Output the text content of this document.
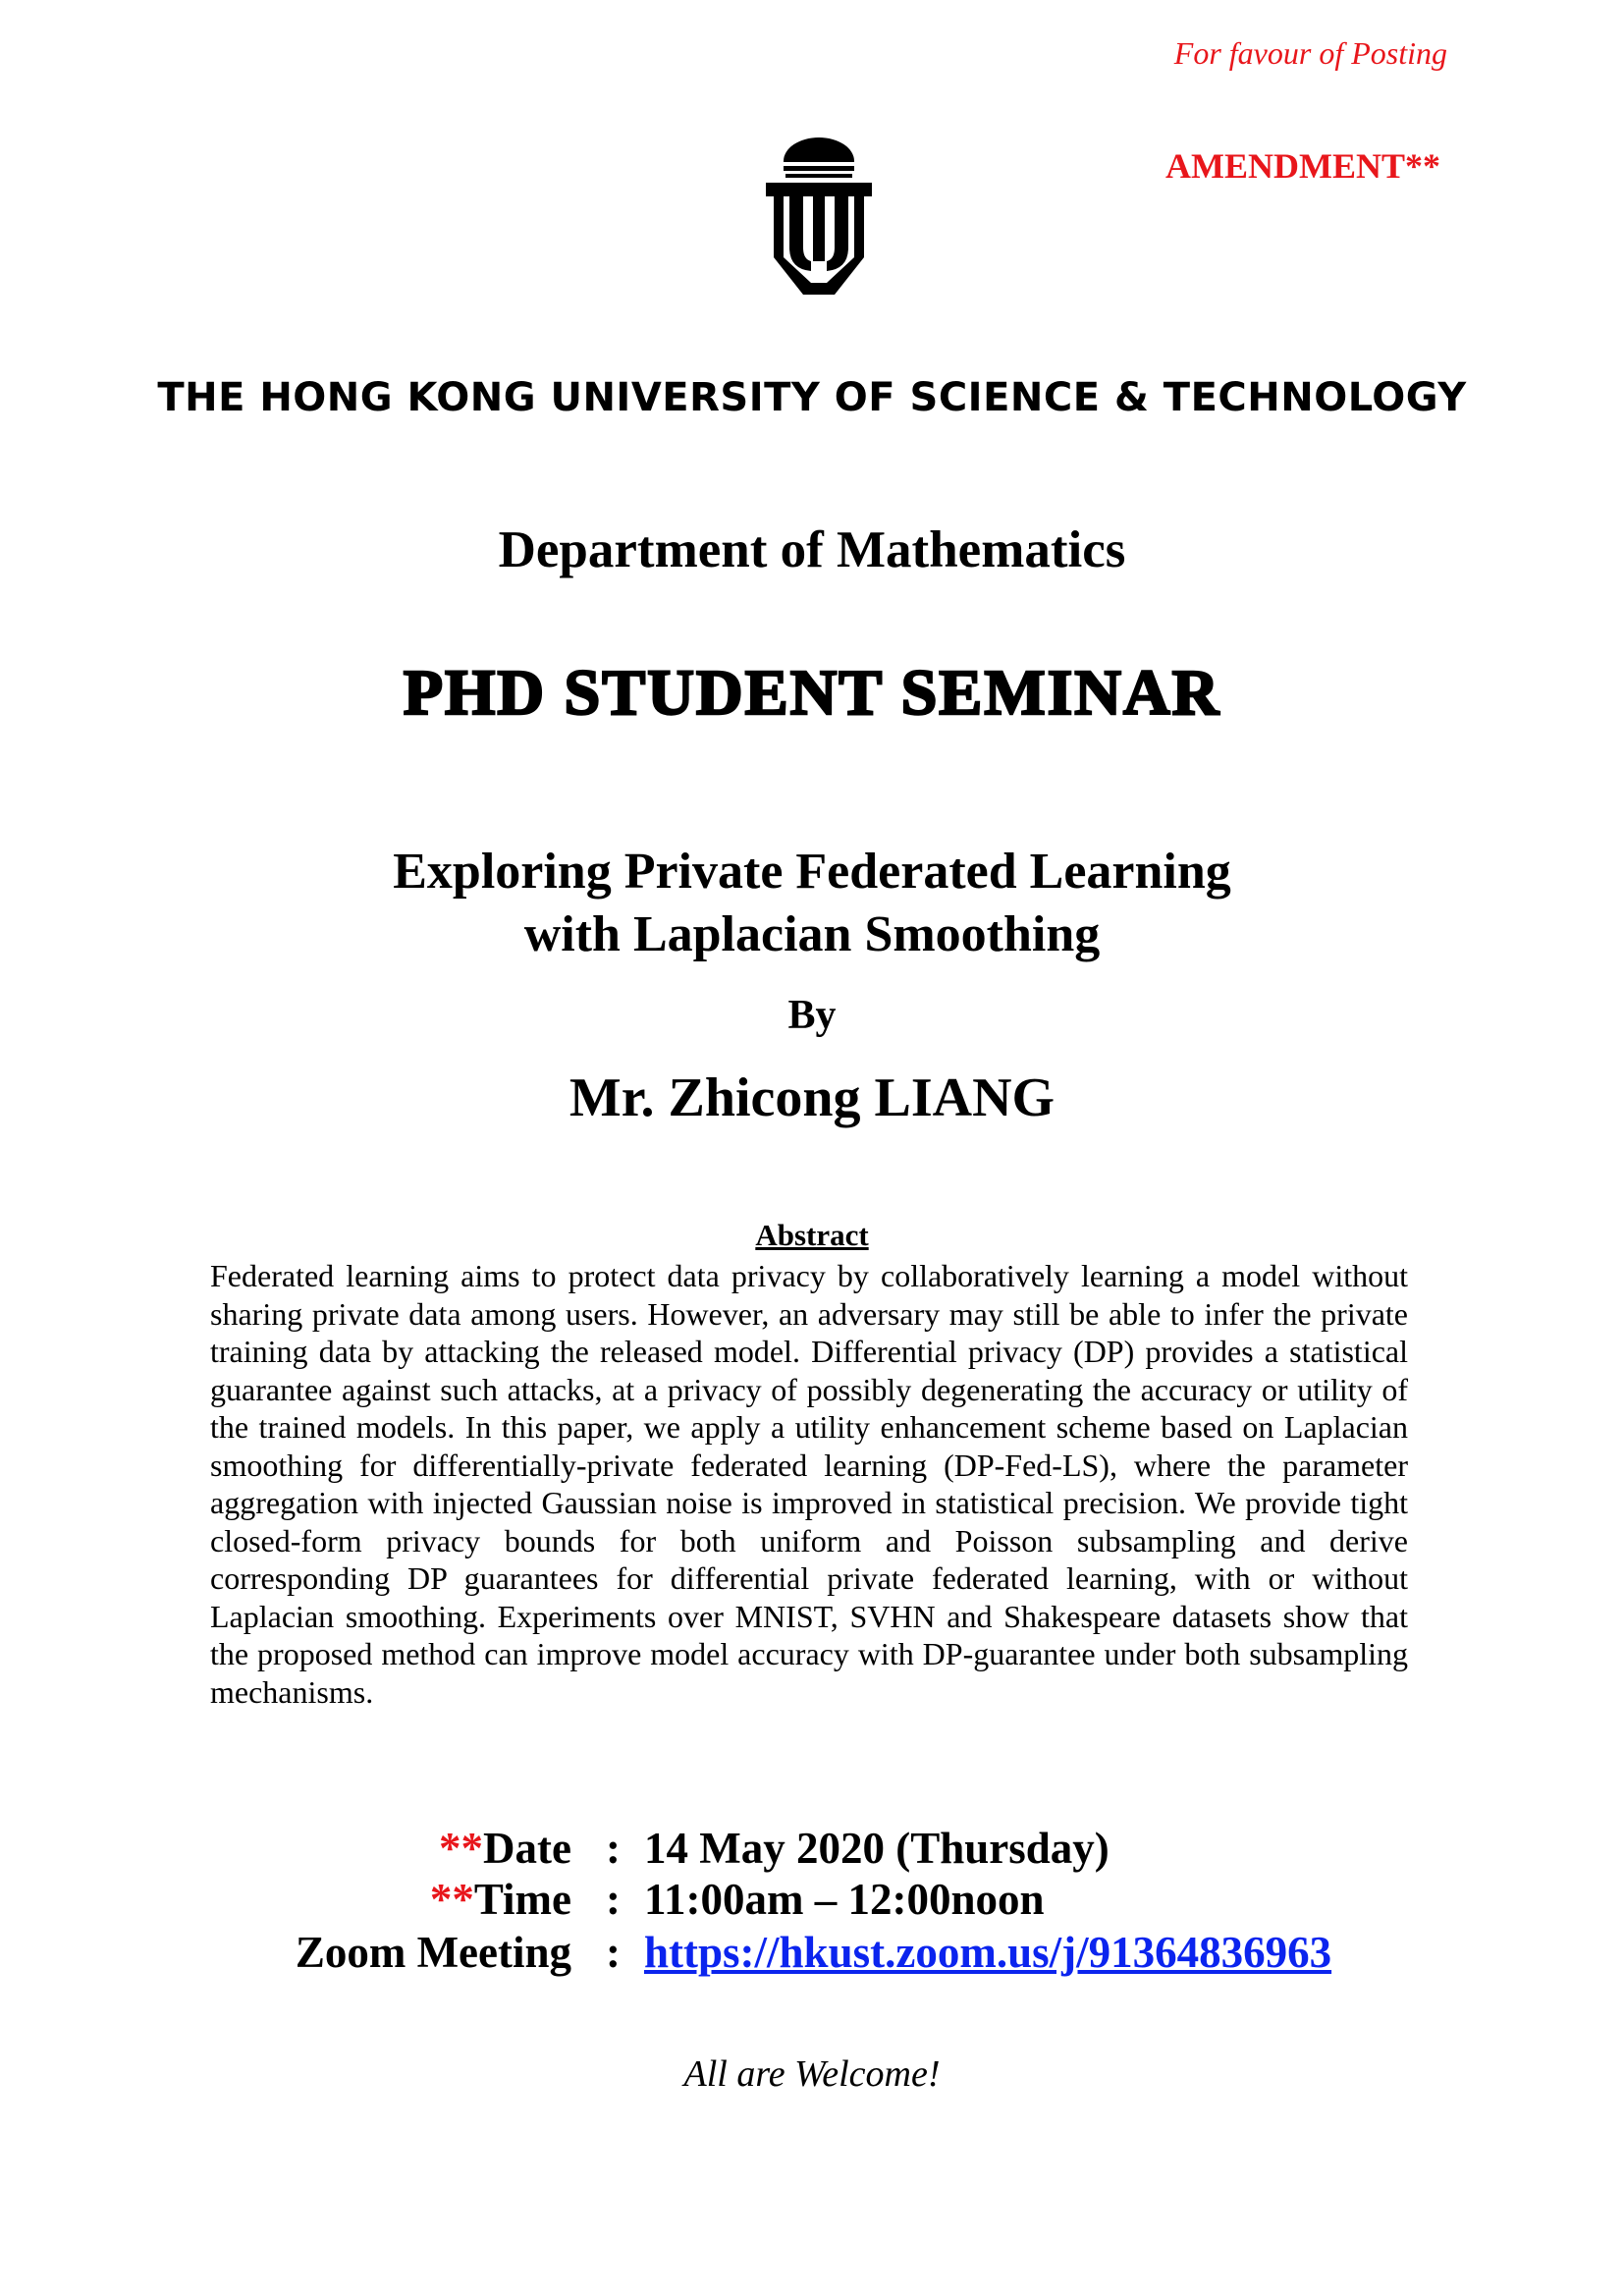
For favour of Posting
AMENDMENT**
THE HONG KONG UNIVERSITY OF SCIENCE & TECHNOLOGY
Department of Mathematics
PHD STUDENT SEMINAR
Exploring Private Federated Learning
with Laplacian Smoothing
By
Mr. Zhicong LIANG
Abstract
Federated learning aims to protect data privacy by collaboratively learning a model without sharing private data among users. However, an adversary may still be able to infer the private training data by attacking the released model. Differential privacy (DP) provides a statistical guarantee against such attacks, at a privacy of possibly degenerating the accuracy or utility of the trained models. In this paper, we apply a utility enhancement scheme based on Laplacian smoothing for differentially-private federated learning (DP-Fed-LS), where the parameter aggregation with injected Gaussian noise is improved in statistical precision. We provide tight closed-form privacy bounds for both uniform and Poisson subsampling and derive corresponding DP guarantees for differential private federated learning, with or without Laplacian smoothing. Experiments over MNIST, SVHN and Shakespeare datasets show that the proposed method can improve model accuracy with DP-guarantee under both subsampling mechanisms.
**Date : 14 May 2020 (Thursday)
**Time : 11:00am – 12:00noon
Zoom Meeting : https://hkust.zoom.us/j/91364836963
All are Welcome!
